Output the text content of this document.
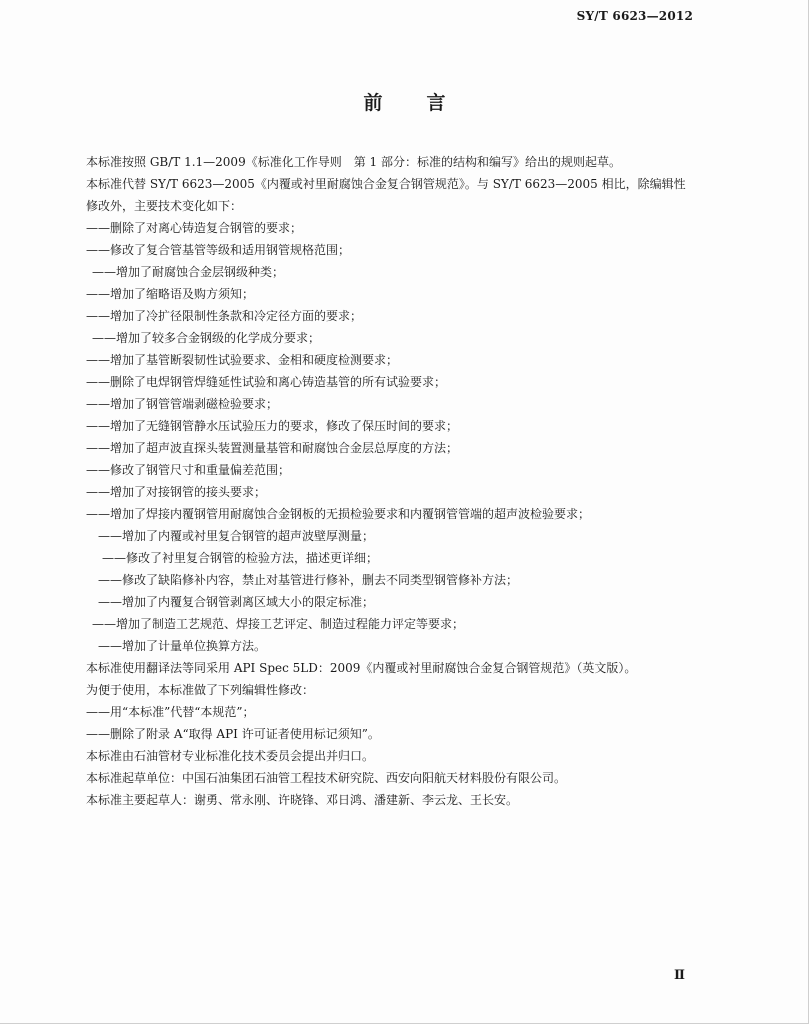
SY/T 6623—2012
前 言

本标准按照 GB/T 1.1—2009《标准化工作导则　第 1 部分：标准的结构和编写》给出的规则起草。

本标准代替 SY/T 6623—2005《内覆或衬里耐腐蚀合金复合钢管规范》。与 SY/T 6623—2005 相比，除编辑性修改外，主要技术变化如下：

——删除了对离心铸造复合钢管的要求；

——修改了复合管基管等级和适用钢管规格范围；

——增加了耐腐蚀合金层钢级种类；

——增加了缩略语及购方须知；

——增加了冷扩径限制性条款和冷定径方面的要求；

——增加了较多合金钢级的化学成分要求；

——增加了基管断裂韧性试验要求、金相和硬度检测要求；

——删除了电焊钢管焊缝延性试验和离心铸造基管的所有试验要求；

——增加了钢管管端剥磁检验要求；

——增加了无缝钢管静水压试验压力的要求，修改了保压时间的要求；

——增加了超声波直探头装置测量基管和耐腐蚀合金层总厚度的方法；

——修改了钢管尺寸和重量偏差范围；

——增加了对接钢管的接头要求；

——增加了焊接内覆钢管用耐腐蚀合金钢板的无损检验要求和内覆钢管管端的超声波检验要求；

——增加了内覆或衬里复合钢管的超声波壁厚测量；

——修改了衬里复合钢管的检验方法，描述更详细；

——修改了缺陷修补内容，禁止对基管进行修补，删去不同类型钢管修补方法；

——增加了内覆复合钢管剥离区域大小的限定标准；

——增加了制造工艺规范、焊接工艺评定、制造过程能力评定等要求；

——增加了计量单位换算方法。

本标准使用翻译法等同采用 API Spec 5LD：2009《内覆或衬里耐腐蚀合金复合钢管规范》（英文版）。

为便于使用，本标准做了下列编辑性修改：

——用“本标准”代替“本规范”；

——删除了附录 A“取得 API 许可证者使用标记须知”。

本标准由石油管材专业标准化技术委员会提出并归口。

本标准起草单位：中国石油集团石油管工程技术研究院、西安向阳航天材料股份有限公司。

本标准主要起草人：谢勇、常永刚、许晓锋、邓日鸿、潘建新、李云龙、王长安。

Ⅱ
